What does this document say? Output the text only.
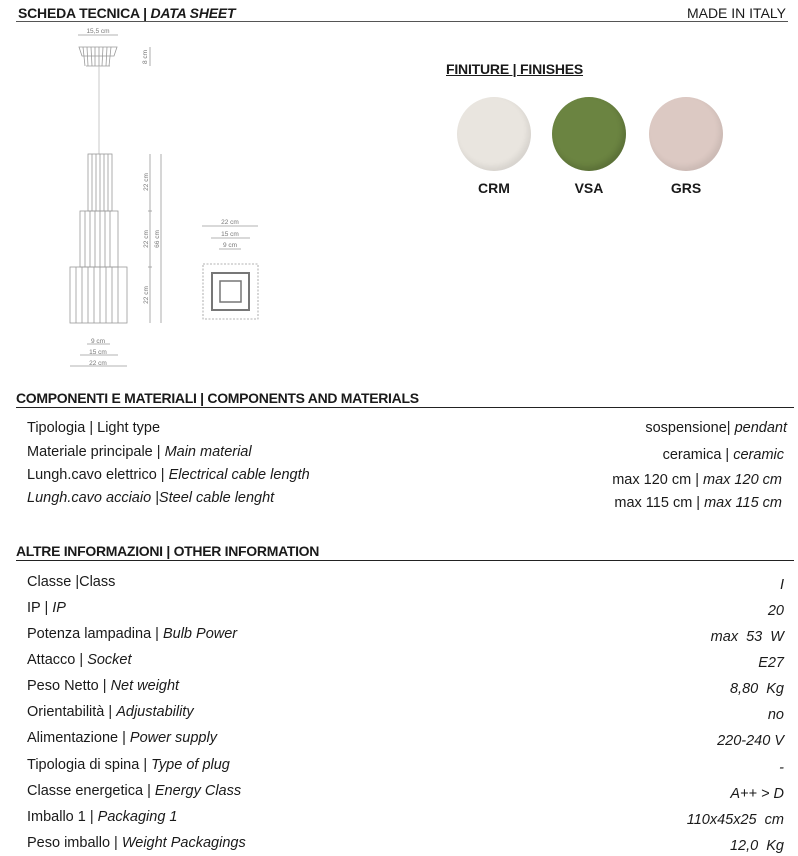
SCHEDA TECNICA | DATA SHEET	MADE IN ITALY
15,5 cm
8 cm
22 cm
22 cm
22 cm
66 cm
9 cm
15 cm
22 cm
22 cm
15 cm
9 cm
FINITURE | FINISHES
CRM	VSA	GRS
COMPONENTI E MATERIALI | COMPONENTS AND MATERIALS
Tipologia | Light type	sospensione| pendant
Materiale principale | Main material	ceramica | ceramic
Lungh.cavo elettrico | Electrical cable length	max 120 cm | max 120 cm
Lungh.cavo acciaio |Steel cable lenght	max 115 cm | max 115 cm
ALTRE INFORMAZIONI | OTHER INFORMATION
Classe |Class	I
IP | IP	20
Potenza lampadina | Bulb Power	max  53  W
Attacco | Socket	E27
Peso Netto | Net weight	8,80  Kg
Orientabilità | Adjustability	no
Alimentazione | Power supply	220-240 V
Tipologia di spina | Type of plug	-
Classe energetica | Energy Class	A++ > D
Imballo 1 | Packaging 1	110x45x25  cm
Peso imballo | Weight Packagings	12,0  Kg
